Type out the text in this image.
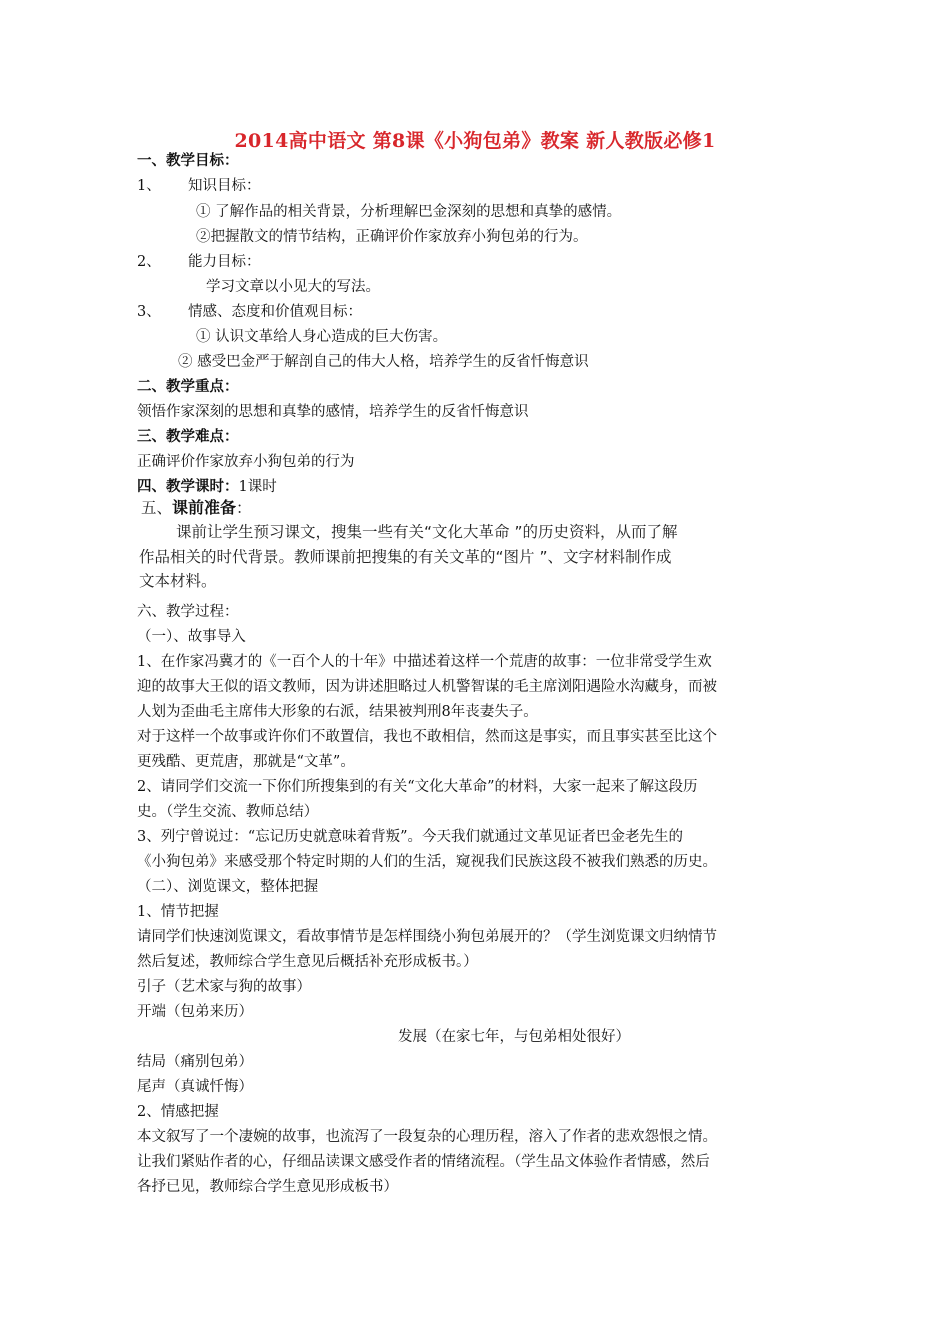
2014高中语文 第8课《小狗包弟》教案 新人教版必修1
一、教学目标：
1、 知识目标：
① 了解作品的相关背景，分析理解巴金深刻的思想和真挚的感情。
②把握散文的情节结构，正确评价作家放弃小狗包弟的行为。
2、 能力目标：
学习文章以小见大的写法。
3、 情感、态度和价值观目标：
① 认识文革给人身心造成的巨大伤害。
② 感受巴金严于解剖自己的伟大人格，培养学生的反省忏悔意识
二、教学重点：
领悟作家深刻的思想和真挚的感情，培养学生的反省忏悔意识
三、教学难点：
正确评价作家放弃小狗包弟的行为
四、教学课时：1课时
五、课前准备：
课前让学生预习课文，搜集一些有关“文化大革命 ”的历史资料，从而了解
作品相关的时代背景。教师课前把搜集的有关文革的“图片 ”、文字材料制作成
文本材料。
六、教学过程：
（一）、故事导入
1、在作家冯冀才的《一百个人的十年》中描述着这样一个荒唐的故事：一位非常受学生欢
迎的故事大王似的语文教师，因为讲述胆略过人机警智谋的毛主席浏阳遇险水沟藏身，而被
人划为歪曲毛主席伟大形象的右派，结果被判刑8年丧妻失子。
对于这样一个故事或许你们不敢置信，我也不敢相信，然而这是事实，而且事实甚至比这个
更残酷、更荒唐，那就是“文革”。
2、请同学们交流一下你们所搜集到的有关“文化大革命”的材料，大家一起来了解这段历
史。（学生交流、教师总结）
3、列宁曾说过：“忘记历史就意味着背叛”。今天我们就通过文革见证者巴金老先生的
《小狗包弟》来感受那个特定时期的人们的生活，窥视我们民族这段不被我们熟悉的历史。
（二）、浏览课文，整体把握
1、情节把握
请同学们快速浏览课文，看故事情节是怎样围绕小狗包弟展开的？（学生浏览课文归纳情节
然后复述，教师综合学生意见后概括补充形成板书。）
引子（艺术家与狗的故事）
开端（包弟来历）
发展（在家七年，与包弟相处很好）
结局（痛别包弟）
尾声（真诚忏悔）
2、情感把握
本文叙写了一个凄婉的故事，也流泻了一段复杂的心理历程，溶入了作者的悲欢怨恨之情。
让我们紧贴作者的心，仔细品读课文感受作者的情绪流程。（学生品文体验作者情感，然后
各抒已见，教师综合学生意见形成板书）
